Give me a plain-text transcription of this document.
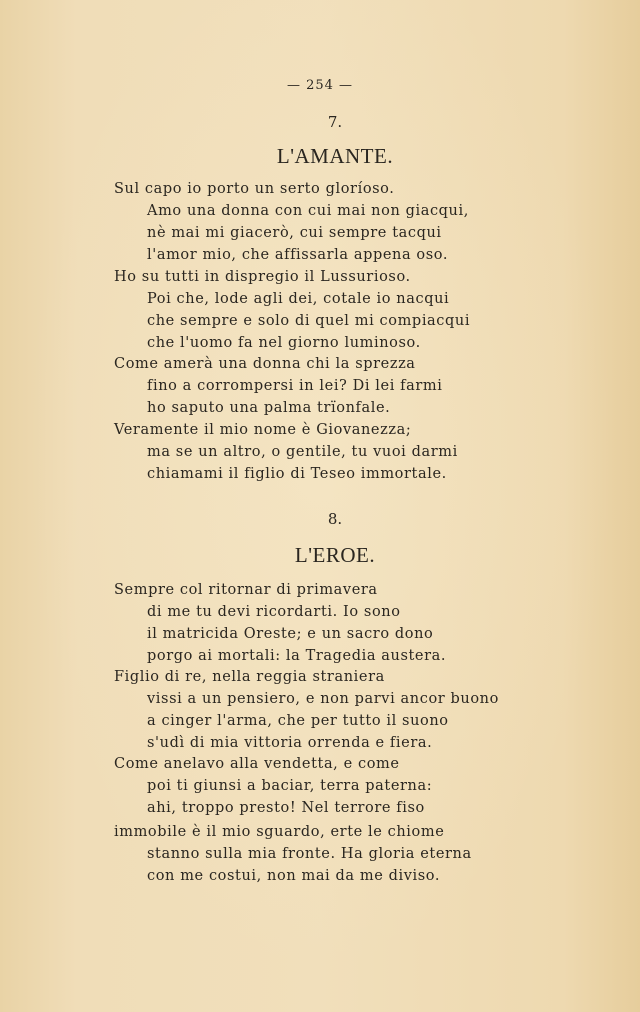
— 254 —
7.
L'AMANTE.
Sul capo io porto un serto gloríoso.
Amo una donna con cui mai non giacqui,
nè mai mi giacerò, cui sempre tacqui
l'amor mio, che affissarla appena oso.
Ho su tutti in dispregio il Lussurioso.
Poi che, lode agli dei, cotale io nacqui
che sempre e solo di quel mi compiacqui
che l'uomo fa nel giorno luminoso.
Come amerà una donna chi la sprezza
fino a corrompersi in lei? Di lei farmi
ho saputo una palma trïonfale.
Veramente il mio nome è Giovanezza;
ma se un altro, o gentile, tu vuoi darmi
chiamami il figlio di Teseo immortale.
8.
L'EROE.
Sempre col ritornar di primavera
di me tu devi ricordarti. Io sono
il matricida Oreste; e un sacro dono
porgo ai mortali: la Tragedia austera.
Figlio di re, nella reggia straniera
vissi a un pensiero, e non parvi ancor buono
a cinger l'arma, che per tutto il suono
s'udì di mia vittoria orrenda e fiera.
Come anelavo alla vendetta, e come
poi ti giunsi a baciar, terra paterna:
ahi, troppo presto! Nel terrore fiso
immobile è il mio sguardo, erte le chiome
stanno sulla mia fronte. Ha gloria eterna
con me costui, non mai da me diviso.
